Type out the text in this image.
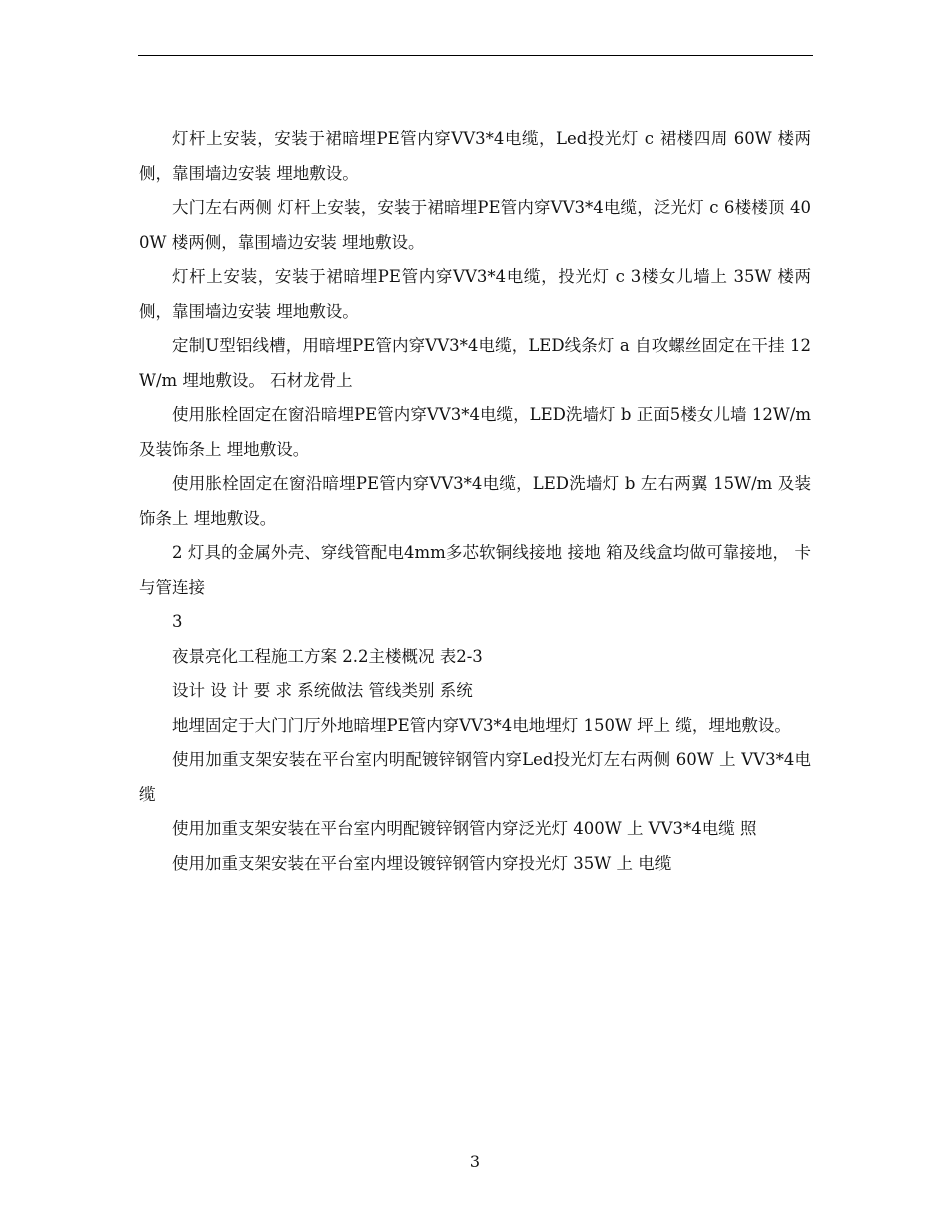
灯杆上安装，安装于裙暗埋PE管内穿VV3*4电缆，Led投光灯 c 裙楼四周 60W 楼两侧，靠围墙边安装 埋地敷设。

大门左右两侧 灯杆上安装，安装于裙暗埋PE管内穿VV3*4电缆，泛光灯 c 6楼楼顶 400W 楼两侧，靠围墙边安装 埋地敷设。

灯杆上安装，安装于裙暗埋PE管内穿VV3*4电缆，投光灯 c 3楼女儿墙上 35W 楼两侧，靠围墙边安装 埋地敷设。

定制U型铝线槽，用暗埋PE管内穿VV3*4电缆，LED线条灯 a 自攻螺丝固定在干挂 12W/m 埋地敷设。 石材龙骨上

使用胀栓固定在窗沿暗埋PE管内穿VV3*4电缆，LED洗墙灯 b 正面5楼女儿墙 12W/m 及装饰条上 埋地敷设。

使用胀栓固定在窗沿暗埋PE管内穿VV3*4电缆，LED洗墙灯 b 左右两翼 15W/m 及装饰条上 埋地敷设。

2 灯具的金属外壳、穿线管配电4mm多芯软铜线接地 接地 箱及线盒均做可靠接地， 卡与管连接

3

夜景亮化工程施工方案 2.2主楼概况 表2-3

设计 设 计 要 求 系统做法 管线类别 系统

地埋固定于大门门厅外地暗埋PE管内穿VV3*4电地埋灯 150W 坪上 缆，埋地敷设。

使用加重支架安装在平台室内明配镀锌钢管内穿Led投光灯左右两侧 60W 上 VV3*4电缆

使用加重支架安装在平台室内明配镀锌钢管内穿泛光灯 400W 上 VV3*4电缆 照

使用加重支架安装在平台室内埋设镀锌钢管内穿投光灯 35W 上 电缆

3
